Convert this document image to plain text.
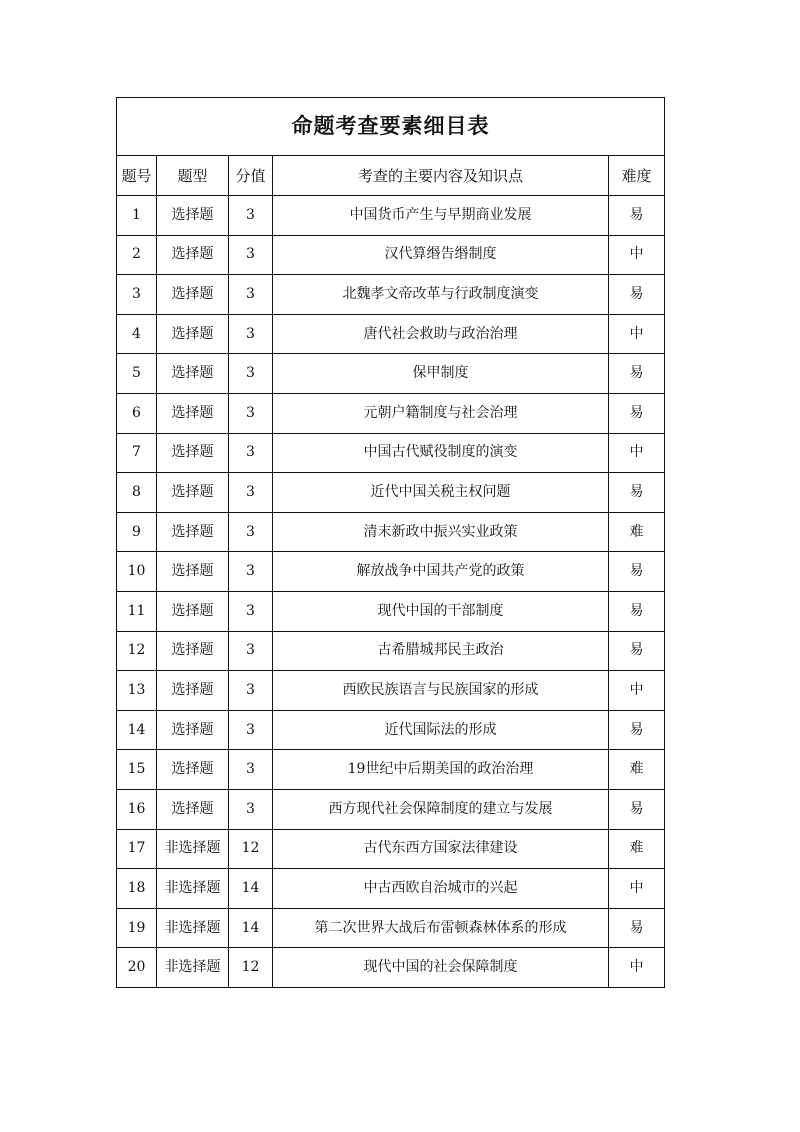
命题考查要素细目表				
题号	题型	分值	考查的主要内容及知识点	难度
1	选择题	3	中国货币产生与早期商业发展	易
2	选择题	3	汉代算缗告缗制度	中
3	选择题	3	北魏孝文帝改革与行政制度演变	易
4	选择题	3	唐代社会救助与政治治理	中
5	选择题	3	保甲制度	易
6	选择题	3	元朝户籍制度与社会治理	易
7	选择题	3	中国古代赋役制度的演变	中
8	选择题	3	近代中国关税主权问题	易
9	选择题	3	清末新政中振兴实业政策	难
10	选择题	3	解放战争中国共产党的政策	易
11	选择题	3	现代中国的干部制度	易
12	选择题	3	古希腊城邦民主政治	易
13	选择题	3	西欧民族语言与民族国家的形成	中
14	选择题	3	近代国际法的形成	易
15	选择题	3	19世纪中后期美国的政治治理	难
16	选择题	3	西方现代社会保障制度的建立与发展	易
17	非选择题	12	古代东西方国家法律建设	难
18	非选择题	14	中古西欧自治城市的兴起	中
19	非选择题	14	第二次世界大战后布雷顿森林体系的形成	易
20	非选择题	12	现代中国的社会保障制度	中
